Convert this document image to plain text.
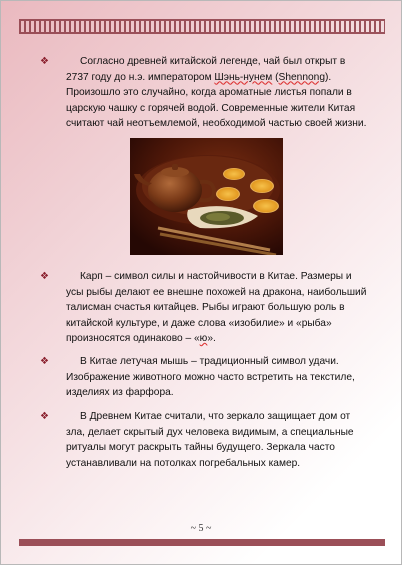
❖
Согласно древней китайской легенде, чай был открыт в 2737 году до н.э. императором Шэнь-нунем (Shennong). Произошло это случайно, когда ароматные листья попали в царскую чашку с горячей водой. Современные жители Китая считают чай неотъемлемой, необходимой частью своей жизни.
❖
Карп – символ силы и настойчивости в Китае. Размеры и усы рыбы делают ее внешне похожей на дракона, наибольший талисман счастья китайцев. Рыбы играют большую роль в китайской культуре, и даже слова «изобилие» и «рыба» произносятся одинаково – «ю».
❖
В Китае летучая мышь – традиционный символ удачи. Изображение животного можно часто встретить на текстиле, изделиях из фарфора.
❖
В Древнем Китае считали, что зеркало защищает дом от зла, делает скрытый дух человека видимым, а специальные ритуалы могут раскрыть тайны будущего. Зеркала часто устанавливали на потолках погребальных камер.
~ 5 ~
